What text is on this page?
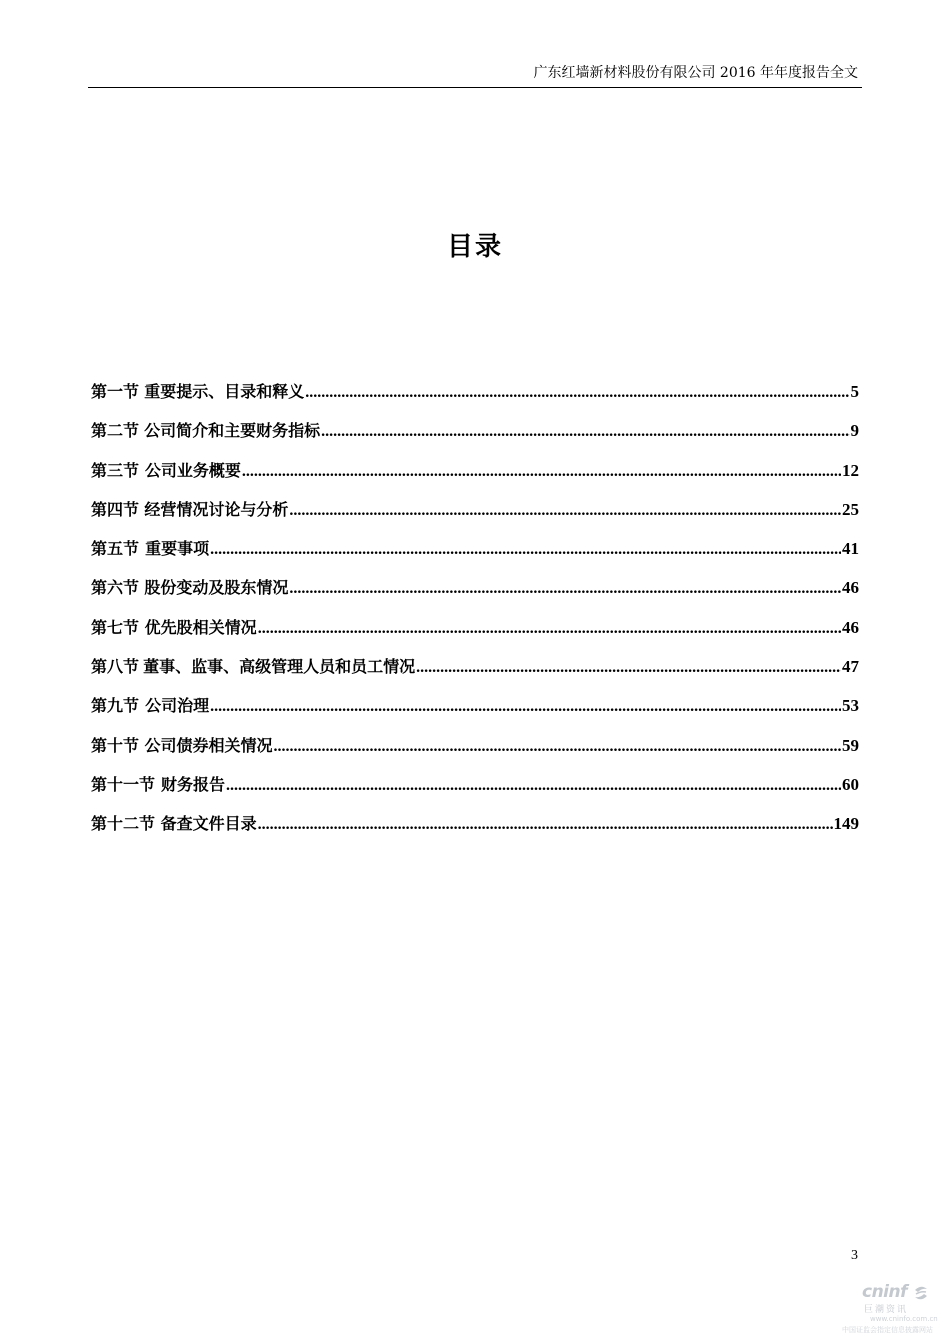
广东红墙新材料股份有限公司 2016 年年度报告全文
目录
第一节 重要提示、目录和释义 .....	5
第二节 公司简介和主要财务指标 .....	9
第三节 公司业务概要 .....	12
第四节 经营情况讨论与分析 .....	25
第五节 重要事项 .....	41
第六节 股份变动及股东情况 .....	46
第七节 优先股相关情况 .....	46
第八节 董事、监事、高级管理人员和员工情况 .....	47
第九节 公司治理 .....	53
第十节 公司债券相关情况 .....	59
第十一节 财务报告 .....	60
第十二节 备查文件目录 .....	149
3
cninf
巨潮资讯
www.cninfo.com.cn
中国证监会指定信息披露网站
